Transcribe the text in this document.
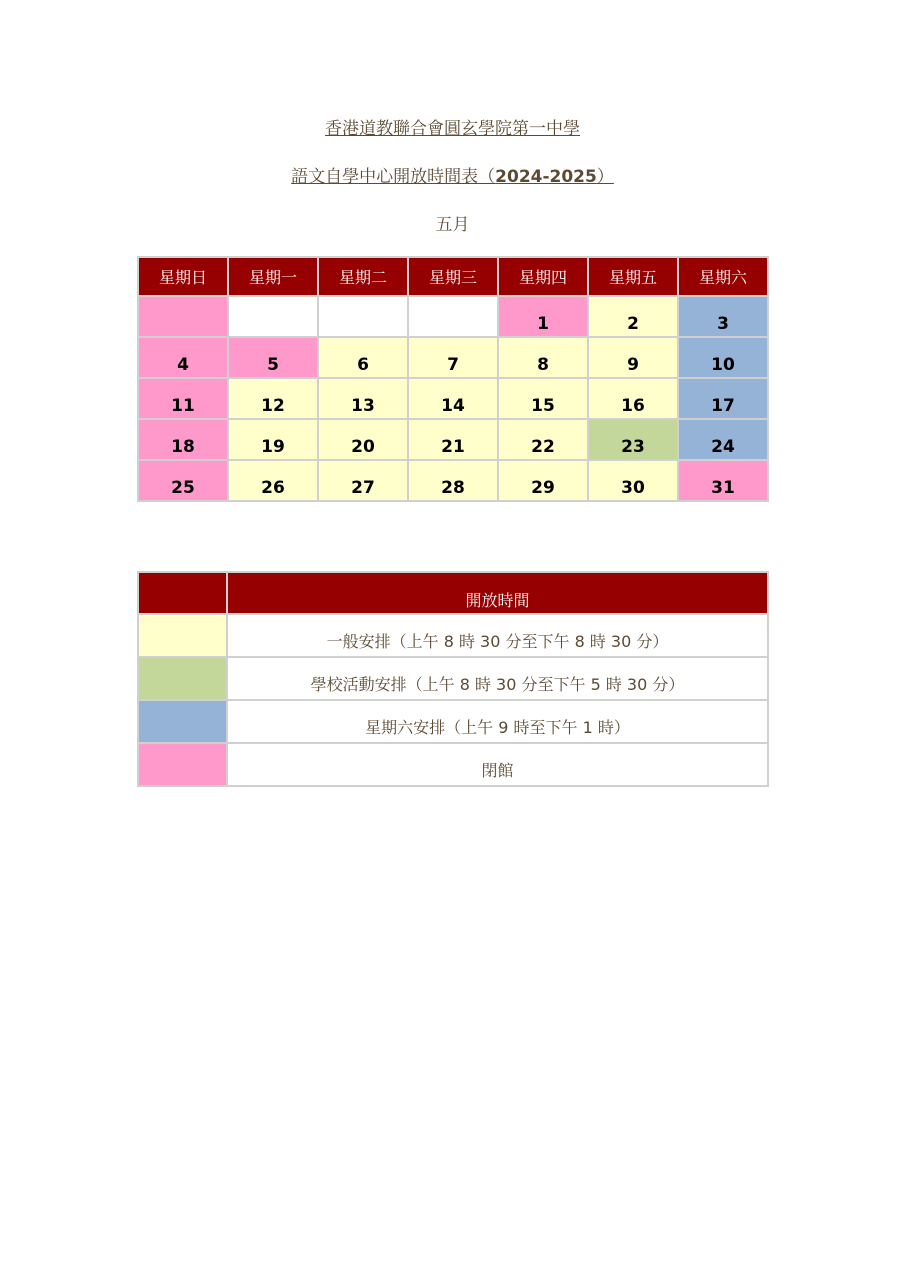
香港道教聯合會圓玄學院第一中學
語文自學中心開放時間表（2024-2025）
五月
星期日	星期一	星期二	星期三	星期四	星期五	星期六
				1	2	3
4	5	6	7	8	9	10
11	12	13	14	15	16	17
18	19	20	21	22	23	24
25	26	27	28	29	30	31
	開放時間
	一般安排（上午 8 時 30 分至下午 8 時 30 分）
	學校活動安排（上午 8 時 30 分至下午 5 時 30 分）
	星期六安排（上午 9 時至下午 1 時）
	閉館
